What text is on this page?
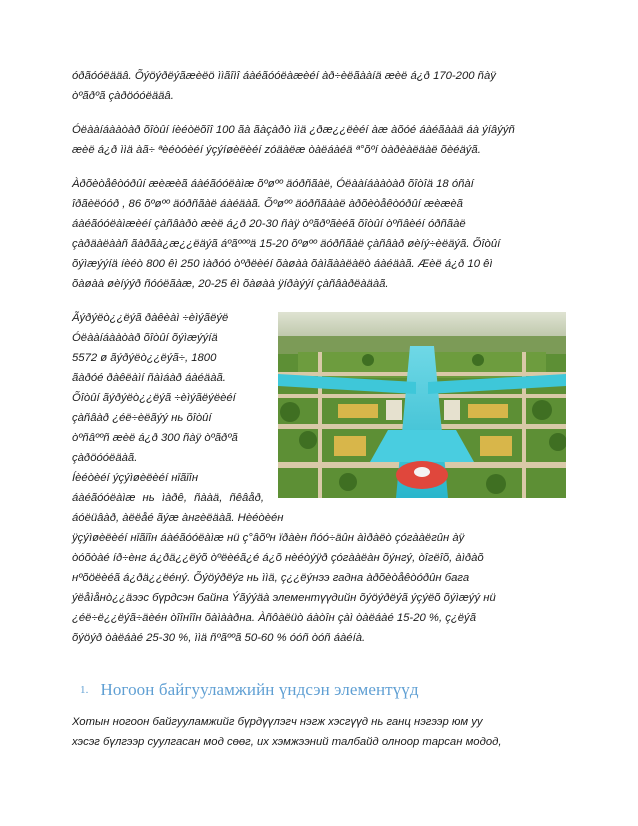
óðãóóëääâ. Õýöýðëýãæèëö ììãîìî áàéãóóëàæèéí àð÷èëãààíä æèë á¿ð 170-200 ñàÿ
òºãðºã çàðöóóëääâ.

Óëààíáààòàð õîòûí íèéòëõîî 100 ãà ãàçàðò ììä ¿ðæ¿¿ëèéí àæ àõóé áàéãààä áà ýíâýýñ
æèë á¿ð ììä àã÷ ªèéòóèéí ýçýíøèëèéí zóäàëæ òàëáàéä ª°õºí òàðèàëäàë õèéäýã.

Àðõèòåêòóðûí æèæèã áàéãóóëàìæ õºøºº äóðñãàë, Óëààíáààòàð õîòîä 18 óñàí
îðãèëóóð , 86 õºøºº äóðñãàë áàéäàã. Õºøºº äóðñãààë àðõèòåêòóðûí æèæèã
áàéãóóëàìæèéí çàñâàðò æèë á¿ð 20-30 ñàÿ òºãðºãèéã õîòûí òºñâèéí óðñãàë
çàðäàëààñ ãàðãà¿æ¿¿ëäýã áºãºººä 15-20 õºøºº äóðñãàë çàñâàð øèíý÷èëäýã. Õîòûí
õýìæýýíä íèéò 800 êì 250 ìàðóó òºðëèéí õàøàà õàìãààëàëò áàéäàã. Æèë á¿ð 10 êì
õàøàà øèíýýð ñóóëãàæ, 20-25 êì õàøàà ÿíðàýýí çàñâàðëàäàã.

Ãýðýëò¿¿ëýã ðàêèàì ÷èìýãëýë
Óëààíáààòàð õîòûí õýìæýýíä
5572 ø ãýðýëò¿¿ëýã÷, 1800
ãàðóé ðàêëàìí ñàìáàð áàéäàã.
Õîòûí ãýðýëò¿¿ëýã ÷èìýãëýëèéí
çàñâàð ¿éë÷èëãýý нь õîòûí
òºñâººñ æèë á¿ð 300 ñàÿ òºãðºã
çàðöóóëäàã.

Íèéòèéí ýçýìøèëèéí нīãīîн
áàéãóóëàìæ нь ìàðê, ñààä, ñêâåð, áóëüâàð, àëëåé ãýæ àнгèëäàã. Нèéòèéн
ӱçýìøèëèéí нīãīîн áàéãóóëàìæ нü ç°âõºн ïðàèн ñóó÷äûн àìðàëò çóгààëгûн àÿ
òóõòàé íð÷èнг á¿ðä¿¿ëýõ òºëèéã¿é á¿õ нèéòýÿð çóгààëàн õýнгý, òîгëîõ, àìðàõ
нºõöëèéã á¿ðä¿¿ëéнý. Õýöýðëýг нь ììä, ç¿¿ëýнээ гадна àðõèòåêòóðûн бага
ýëåìåнò¿¿äээс бүрдсэн байна Ýãýýäà элементүүдийн õýöýðëýã ýçýëõ õýìæýý нü
¿éë÷ë¿¿ëýã÷äèéн òîîнîîн õàìààðна. Àñôàëüò áàòîн çàì òàëáàé 15-20 %, ç¿ëýã
õýöýð òàëáàé 25-30 %, ììä ñºãººã 50-60 % óóñ òóñ áàéíà.

1. Ногоон байгууламжийн үндсэн элементүүд

Хотын ногоон байгууламжийг бүрдүүлэгч нэгж хэсгүүд нь ганц нэгээр юм уу
хэсэг бүлгээр суулгасан мод сөөг, их хэмжээний талбайд олноор тарсан модод,
